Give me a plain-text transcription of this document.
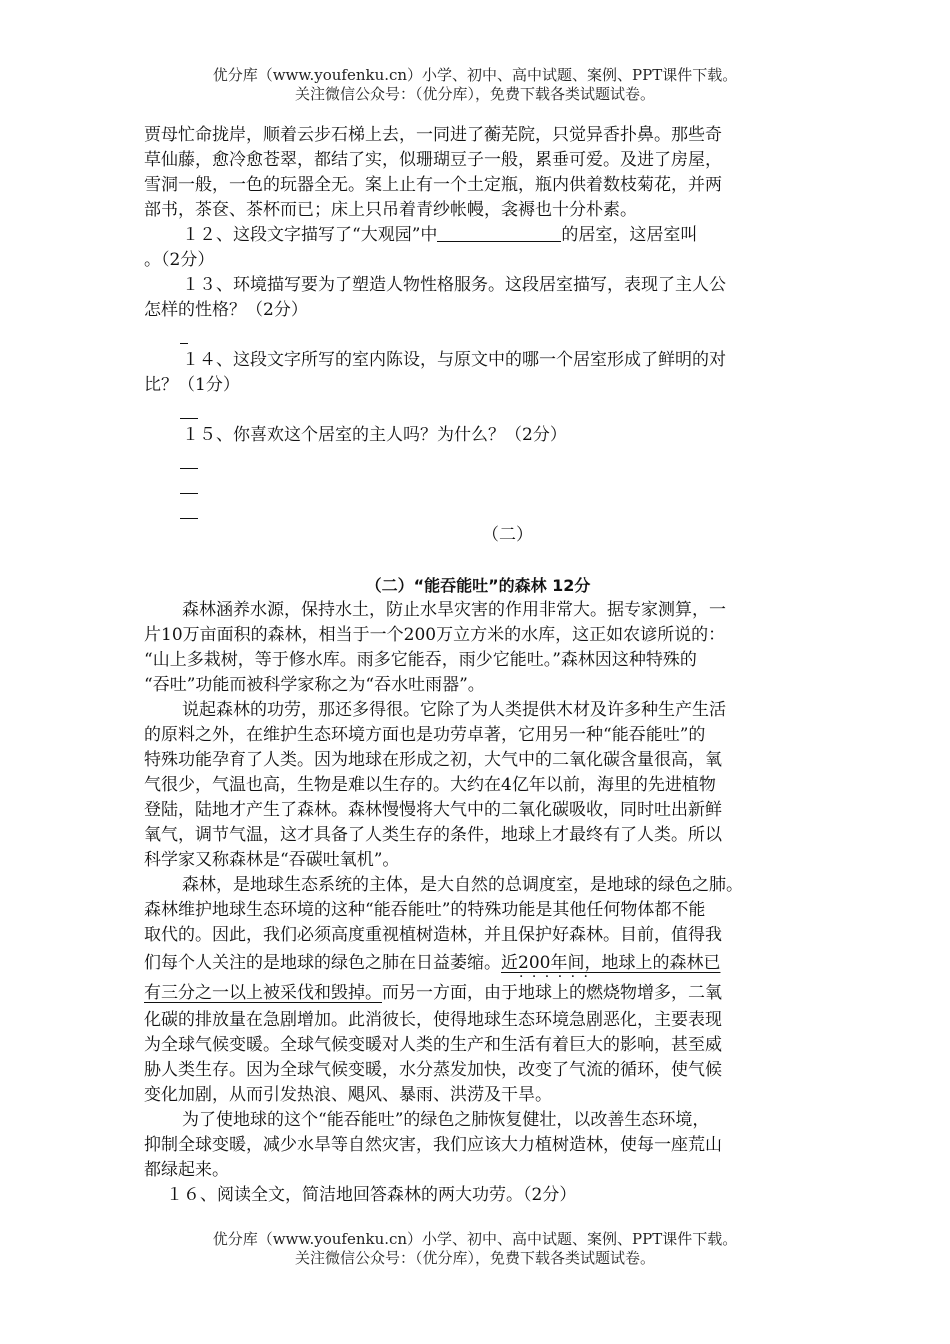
优分库（www.youfenku.cn）小学、初中、高中试题、案例、PPT课件下载。
关注微信公众号：（优分库），免费下载各类试题试卷。
贾母忙命拢岸，顺着云步石梯上去，一同进了蘅芜院，只觉异香扑鼻。那些奇
草仙藤，愈冷愈苍翠，都结了实，似珊瑚豆子一般，累垂可爱。及进了房屋，
雪洞一般，一色的玩器全无。案上止有一个土定瓶，瓶内供着数枝菊花，并两
部书，茶奁、茶杯而已；床上只吊着青纱帐幔，衾褥也十分朴素。
１２、这段文字描写了“大观园”中	的居室，这居室叫
。（2分）
１３、环境描写要为了塑造人物性格服务。这段居室描写，表现了主人公
怎样的性格？（2分）
１４、这段文字所写的室内陈设，与原文中的哪一个居室形成了鲜明的对
比？（1分）
１５、你喜欢这个居室的主人吗？为什么？（2分）
（二）
（二）“能吞能吐”的森林 12分
森林涵养水源，保持水土，防止水旱灾害的作用非常大。据专家测算，一
片10万亩面积的森林，相当于一个200万立方米的水库，这正如农谚所说的：
“山上多栽树，等于修水库。雨多它能吞，雨少它能吐。”森林因这种特殊的
“吞吐”功能而被科学家称之为“吞水吐雨器”。
说起森林的功劳，那还多得很。它除了为人类提供木材及许多种生产生活
的原料之外，在维护生态环境方面也是功劳卓著，它用另一种“能吞能吐”的
特殊功能孕育了人类。因为地球在形成之初，大气中的二氧化碳含量很高，氧
气很少，气温也高，生物是难以生存的。大约在4亿年以前，海里的先进植物
登陆，陆地才产生了森林。森林慢慢将大气中的二氧化碳吸收，同时吐出新鲜
氧气，调节气温，这才具备了人类生存的条件，地球上才最终有了人类。所以
科学家又称森林是“吞碳吐氧机”。
森林，是地球生态系统的主体，是大自然的总调度室，是地球的绿色之肺。
森林维护地球生态环境的这种“能吞能吐”的特殊功能是其他任何物体都不能
取代的。因此，我们必须高度重视植树造林，并且保护好森林。目前，值得我
们每个人关注的是地球的绿色之肺在日益萎缩。近200年间，地球上的森林已 · ·
有三分之一以上被采伐和毁掉。而另一方面，由于地球上的燃烧物增多，二氧
化碳的排放量在急剧增加。此消彼长，使得地球生态环境急剧恶化，主要表现
为全球气候变暖。全球气候变暖对人类的生产和生活有着巨大的影响，甚至威
胁人类生存。因为全球气候变暖，水分蒸发加快，改变了气流的循环，使气候
变化加剧，从而引发热浪、飓风、暴雨、洪涝及干旱。
为了使地球的这个“能吞能吐”的绿色之肺恢复健壮，以改善生态环境，
抑制全球变暖，减少水旱等自然灾害，我们应该大力植树造林，使每一座荒山
都绿起来。
１６、阅读全文，简洁地回答森林的两大功劳。（2分）
优分库（www.youfenku.cn）小学、初中、高中试题、案例、PPT课件下载。
关注微信公众号：（优分库），免费下载各类试题试卷。
